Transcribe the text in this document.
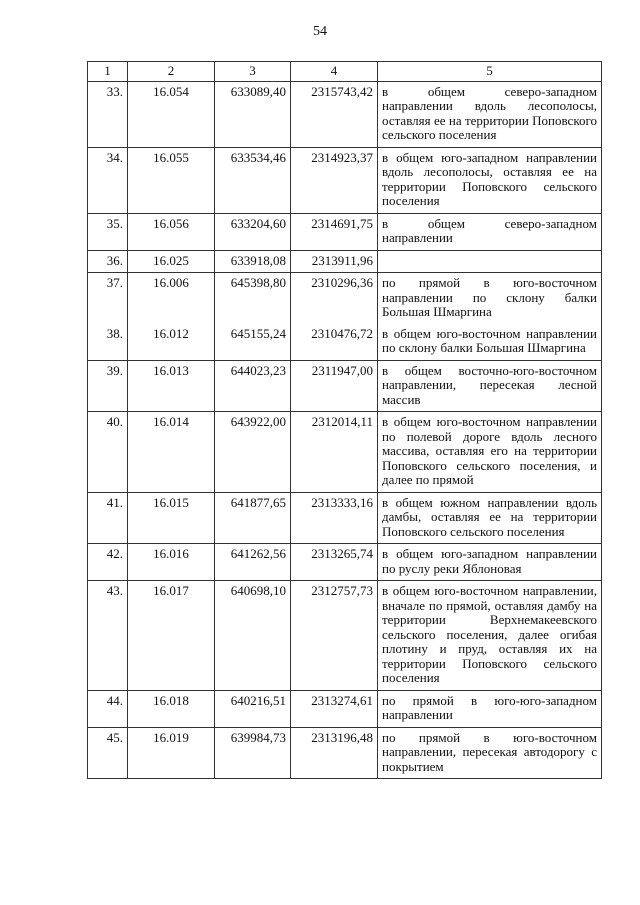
54
1	2	3	4	5
33.	16.054	633089,40	2315743,42	в общем северо-западном направлении вдоль лесополосы, оставляя ее на территории Поповского сельского поселения
34.	16.055	633534,46	2314923,37	в общем юго-западном направлении вдоль лесополосы, оставляя ее на территории Поповского сельского поселения
35.	16.056	633204,60	2314691,75	в общем северо-западном направлении
36.	16.025	633918,08	2313911,96	
37.	16.006	645398,80	2310296,36	по прямой в юго-восточном направлении по склону балки Большая Шмаргина
38.	16.012	645155,24	2310476,72	в общем юго-восточном направлении по склону балки Большая Шмаргина
39.	16.013	644023,23	2311947,00	в общем восточно-юго-восточном направлении, пересекая лесной массив
40.	16.014	643922,00	2312014,11	в общем юго-восточном направлении по полевой дороге вдоль лесного массива, оставляя его на территории Поповского сельского поселения, и далее по прямой
41.	16.015	641877,65	2313333,16	в общем южном направлении вдоль дамбы, оставляя ее на территории Поповского сельского поселения
42.	16.016	641262,56	2313265,74	в общем юго-западном направлении по руслу реки Яблоновая
43.	16.017	640698,10	2312757,73	в общем юго-восточном направлении, вначале по прямой, оставляя дамбу на территории Верхнемакеевского сельского поселения, далее огибая плотину и пруд, оставляя их на территории Поповского сельского поселения
44.	16.018	640216,51	2313274,61	по прямой в юго-юго-западном направлении
45.	16.019	639984,73	2313196,48	по прямой в юго-восточном направлении, пересекая автодорогу с покрытием
